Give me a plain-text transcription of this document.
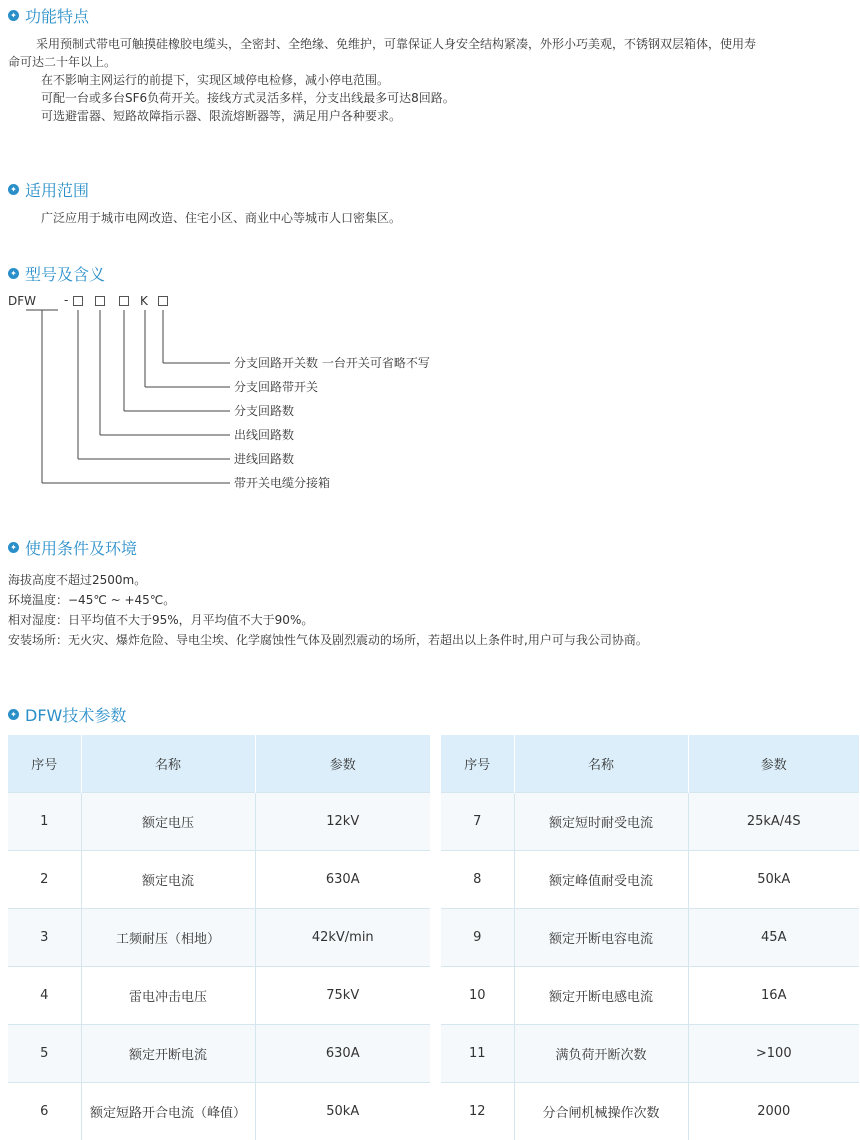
✦ 功能特点
采用预制式带电可触摸硅橡胶电缆头，全密封、全绝缘、免维护，可靠保证人身安全结构紧凑，外形小巧美观，不锈钢双层箱体，使用寿
命可达二十年以上。
在不影响主网运行的前提下，实现区域停电检修，减小停电范围。
可配一台或多台SF6负荷开关。接线方式灵活多样，分支出线最多可达8回路。
可选避雷器、短路故障指示器、限流熔断器等，满足用户各种要求。
✦ 适用范围
广泛应用于城市电网改造、住宅小区、商业中心等城市人口密集区。
✦ 型号及含义
DFW -	K
分支回路开关数 一台开关可省略不写
分支回路带开关
分支回路数
出线回路数
进线回路数
带开关电缆分接箱
✦ 使用条件及环境
海拔高度不超过2500m。
环境温度：−45℃ ~ +45℃。
相对湿度：日平均值不大于95%，月平均值不大于90%。
安装场所：无火灾、爆炸危险、导电尘埃、化学腐蚀性气体及剧烈震动的场所，若超出以上条件时,用户可与我公司协商。
✦ DFW技术参数
序号	名称	参数
1	额定电压	12kV
2	额定电流	630A
3	工频耐压（相地）	42kV/min
4	雷电冲击电压	75kV
5	额定开断电流	630A
6	额定短路开合电流（峰值）	50kA
序号	名称	参数
7	额定短时耐受电流	25kA/4S
8	额定峰值耐受电流	50kA
9	额定开断电容电流	45A
10	额定开断电感电流	16A
11	满负荷开断次数	>100
12	分合闸机械操作次数	2000
